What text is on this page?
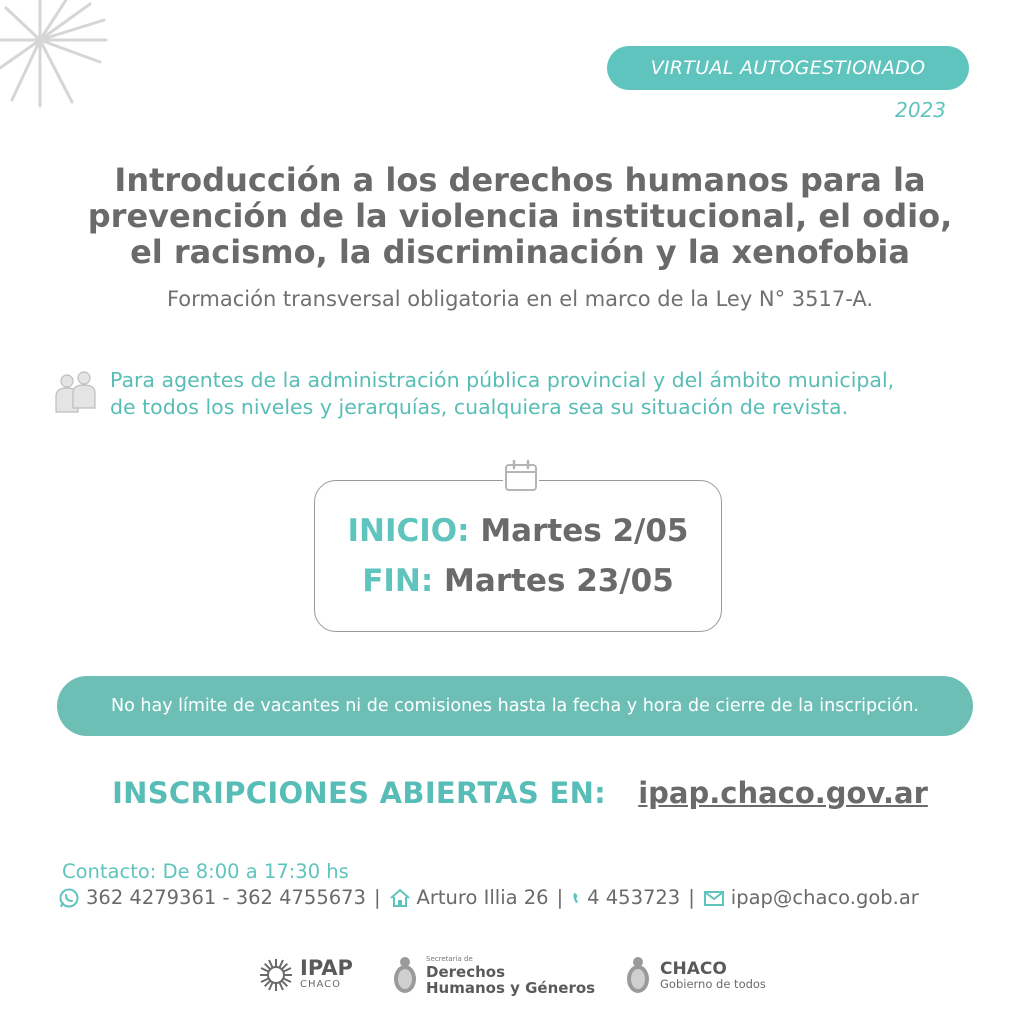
VIRTUAL AUTOGESTIONADO
2023
Introducción a los derechos humanos para la
prevención de la violencia institucional, el odio,
el racismo, la discriminación y la xenofobia
Formación transversal obligatoria en el marco de la Ley N° 3517-A.
Para agentes de la administración pública provincial y del ámbito municipal,
de todos los niveles y jerarquías, cualquiera sea su situación de revista.
INICIO: Martes 2/05
FIN: Martes 23/05
No hay límite de vacantes ni de comisiones hasta la fecha y hora de cierre de la inscripción.
INSCRIPCIONES ABIERTAS EN: ipap.chaco.gov.ar
Contacto: De 8:00 a 17:30 hs
362 4279361 - 362 4755673 | Arturo Illia 26 | 4 453723 | ipap@chaco.gob.ar
IPAP
CHACO
Secretaría de
Derechos
Humanos y Géneros
CHACO
Gobierno de todos
